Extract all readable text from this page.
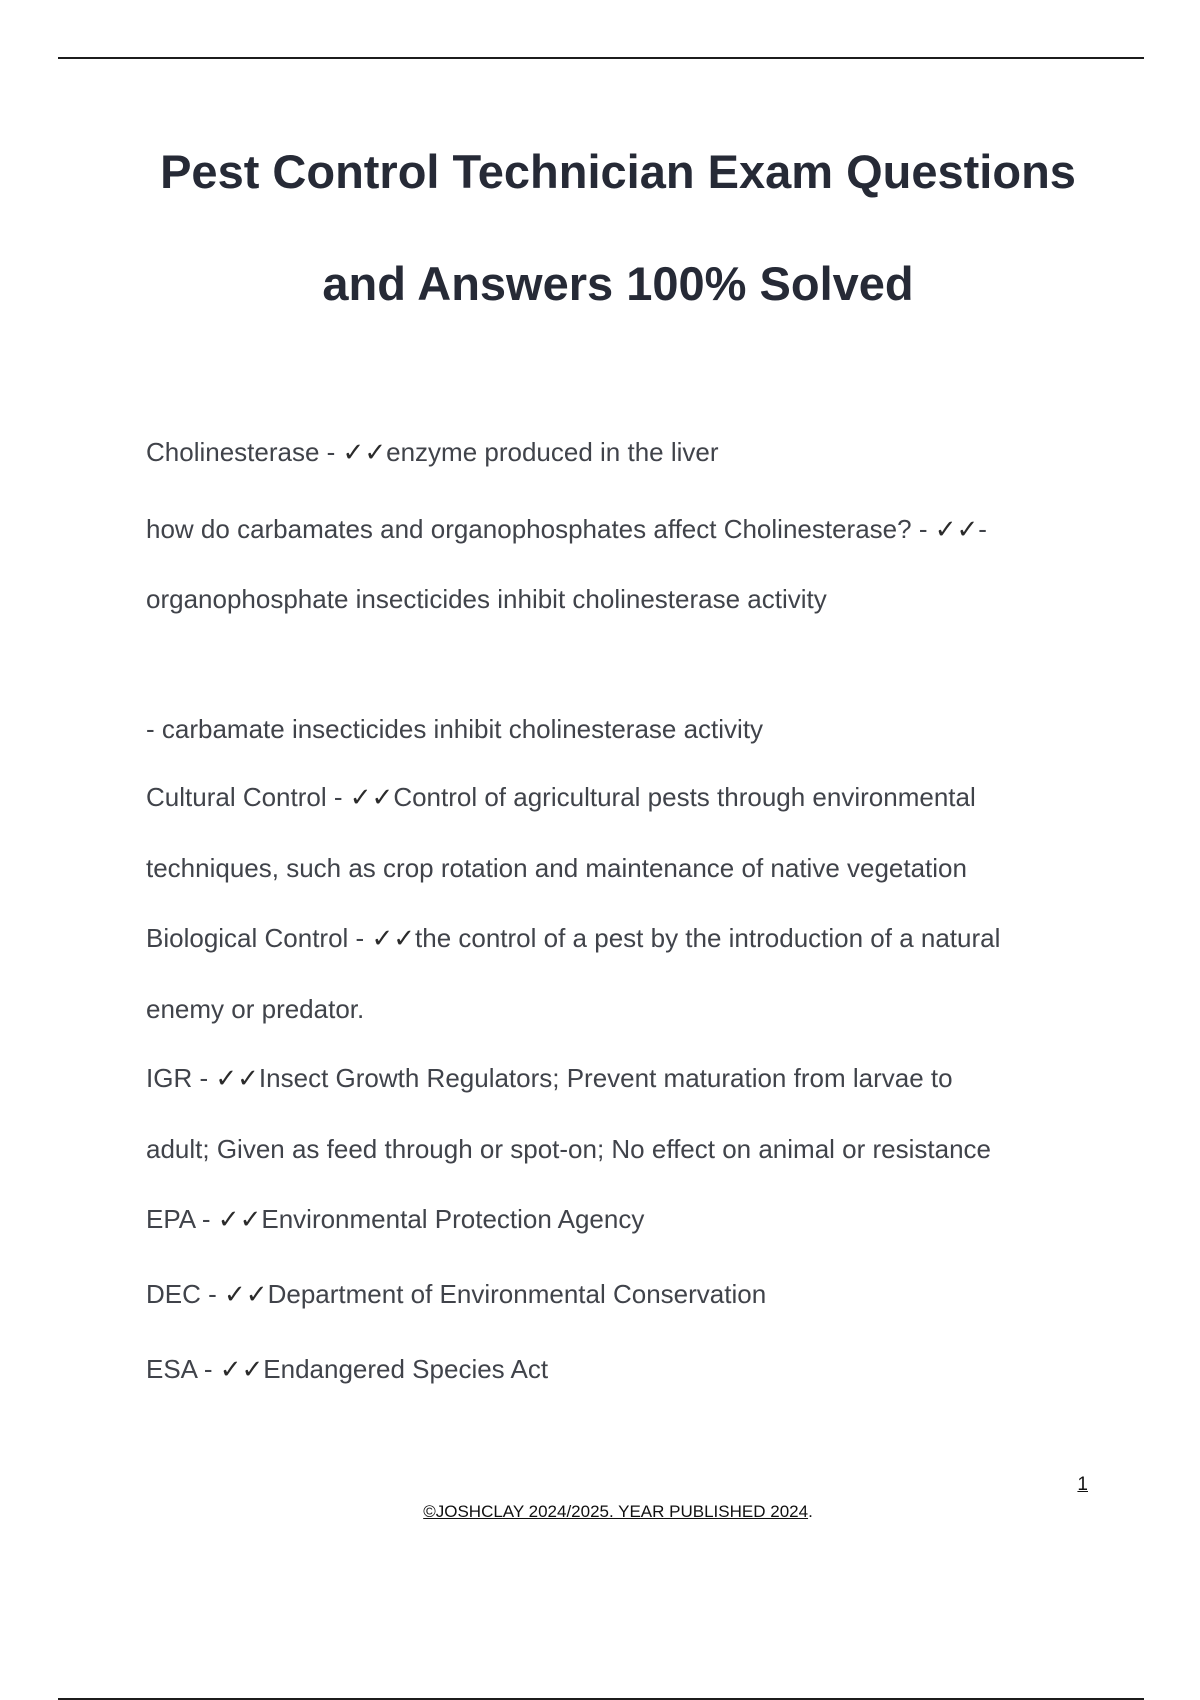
Pest Control Technician Exam Questions
and Answers 100% Solved

Cholinesterase - ✓✓enzyme produced in the liver

how do carbamates and organophosphates affect Cholinesterase? - ✓✓-

organophosphate insecticides inhibit cholinesterase activity

- carbamate insecticides inhibit cholinesterase activity

Cultural Control - ✓✓Control of agricultural pests through environmental

techniques, such as crop rotation and maintenance of native vegetation

Biological Control - ✓✓the control of a pest by the introduction of a natural

enemy or predator.

IGR - ✓✓Insect Growth Regulators; Prevent maturation from larvae to

adult; Given as feed through or spot-on; No effect on animal or resistance

EPA - ✓✓Environmental Protection Agency

DEC - ✓✓Department of Environmental Conservation

ESA - ✓✓Endangered Species Act

1
©JOSHCLAY 2024/2025. YEAR PUBLISHED 2024.
